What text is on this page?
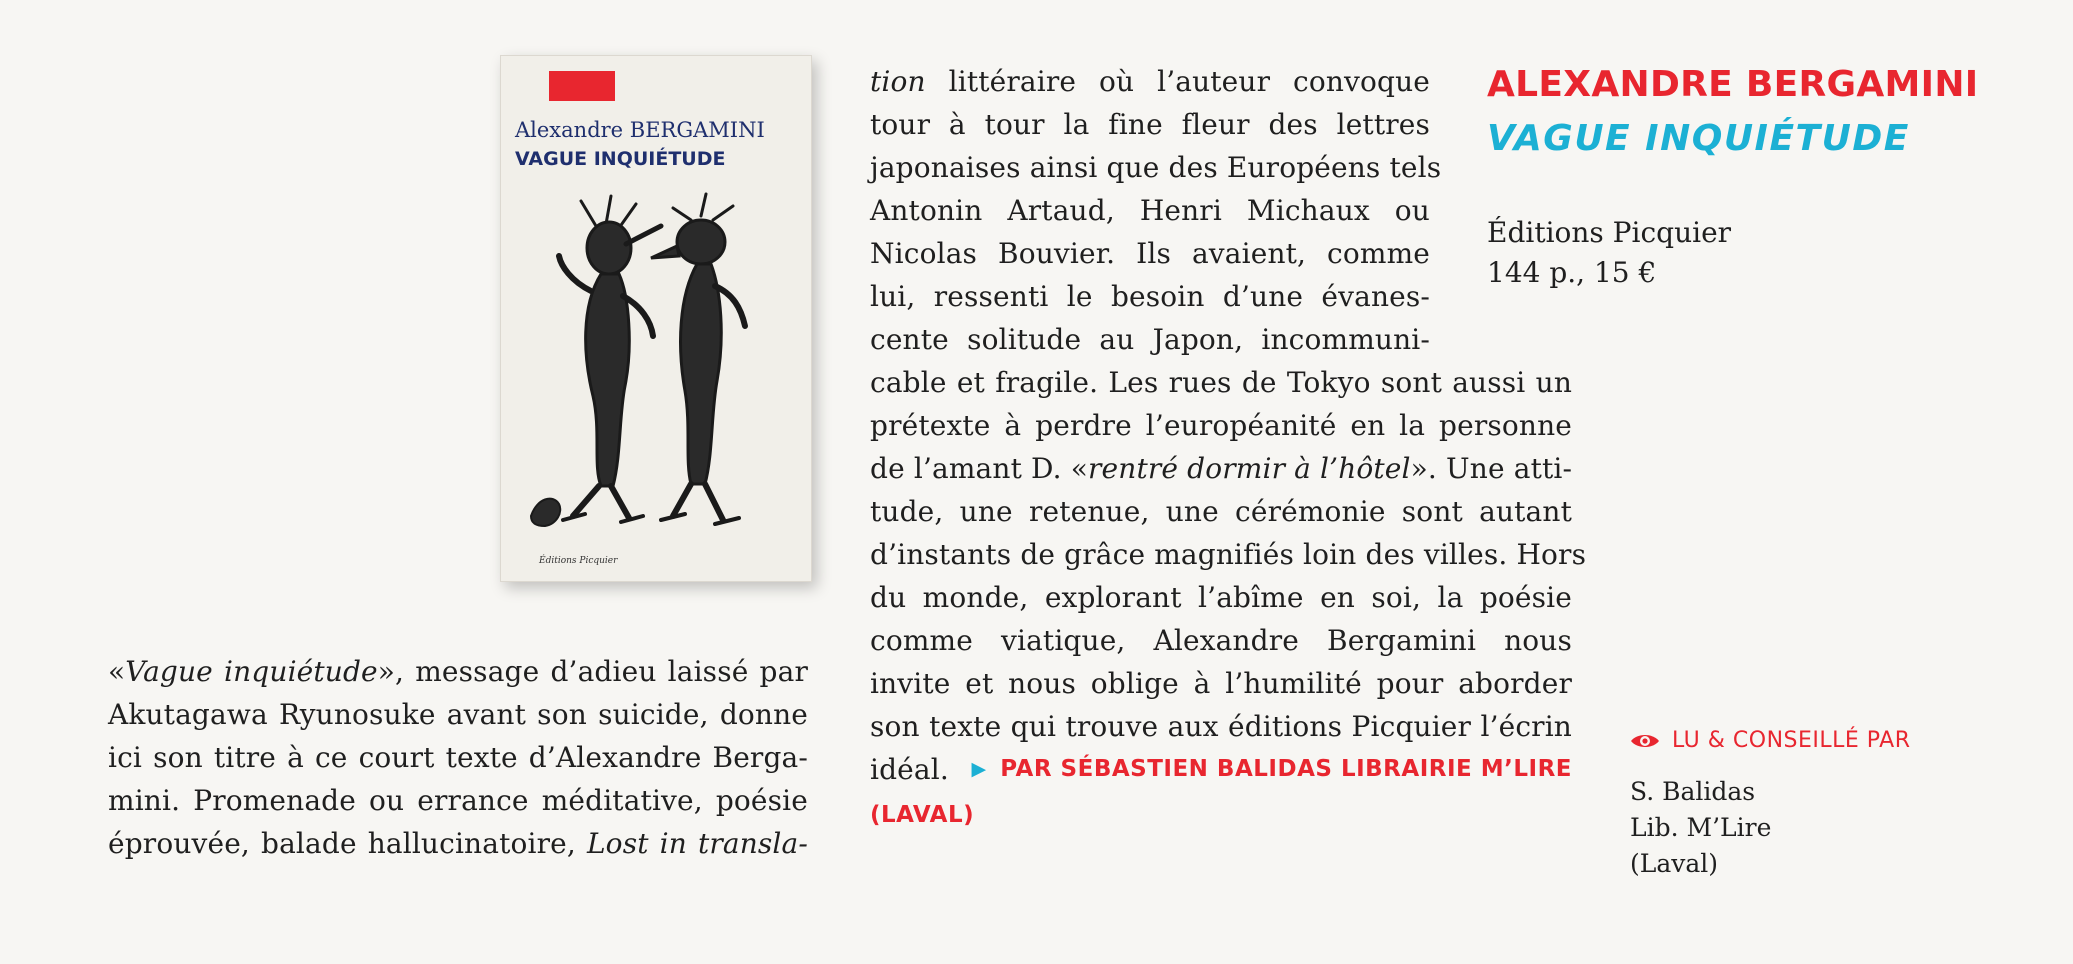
Alexandre BERGAMINI
VAGUE INQUIÉTUDE
Éditions Picquier
«Vague inquiétude», message d’adieu laissé par
Akutagawa Ryunosuke avant son suicide, donne
ici son titre à ce court texte d’Alexandre Berga-
mini. Promenade ou errance méditative, poésie
éprouvée, balade hallucinatoire, Lost in transla-
tion littéraire où l’auteur convoque
tour à tour la fine fleur des lettres
japonaises ainsi que des Européens tels
Antonin Artaud, Henri Michaux ou
Nicolas Bouvier. Ils avaient, comme
lui, ressenti le besoin d’une évanes-
cente solitude au Japon, incommuni-
cable et fragile. Les rues de Tokyo sont aussi un
prétexte à perdre l’européanité en la personne
de l’amant D. «rentré dormir à l’hôtel». Une atti-
tude, une retenue, une cérémonie sont autant
d’instants de grâce magnifiés loin des villes. Hors
du monde, explorant l’abîme en soi, la poésie
comme viatique, Alexandre Bergamini nous
invite et nous oblige à l’humilité pour aborder
son texte qui trouve aux éditions Picquier l’écrin
idéal. ▶ PAR SÉBASTIEN BALIDAS LIBRAIRIE M’LIRE
(LAVAL)
ALEXANDRE BERGAMINI
VAGUE INQUIÉTUDE
Éditions Picquier
144 p., 15 €
LU & CONSEILLÉ PAR
S. Balidas
Lib. M’Lire
(Laval)
